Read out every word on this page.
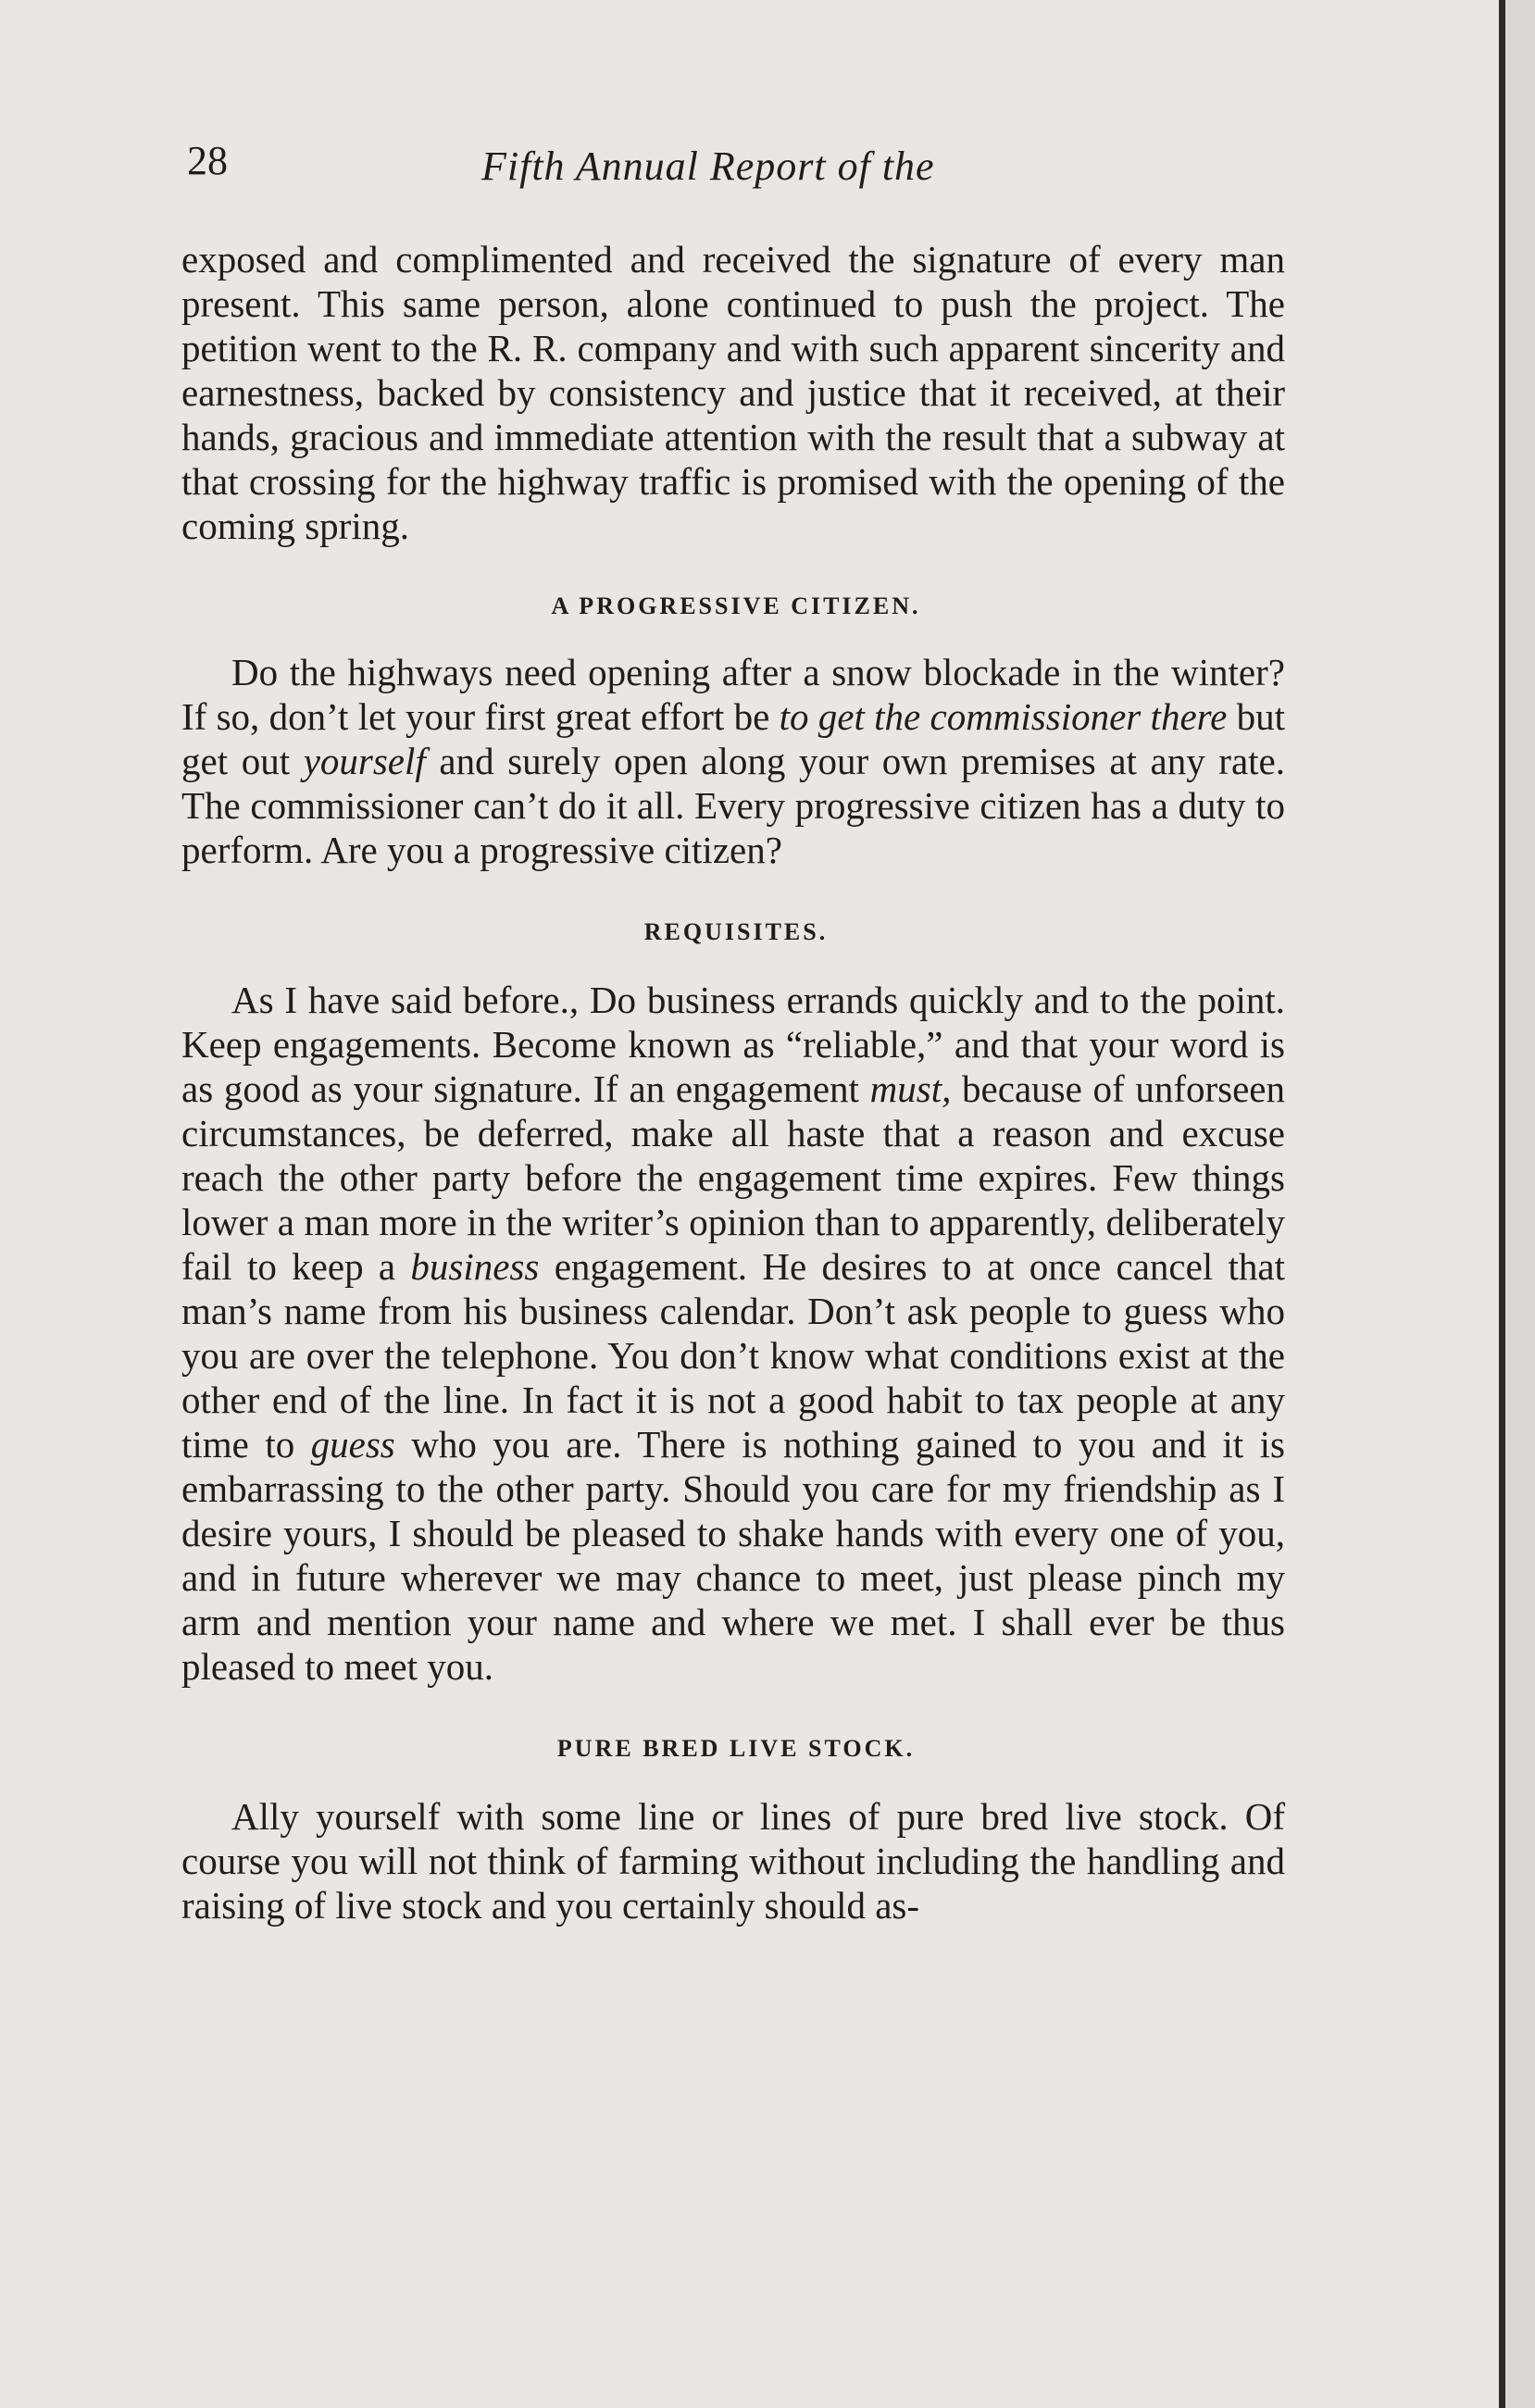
28	Fifth Annual Report of the

exposed and complimented and received the signature of every man present. This same person, alone continued to push the project. The petition went to the R. R. company and with such apparent sincerity and earnestness, backed by consistency and justice that it received, at their hands, gracious and immediate attention with the result that a subway at that crossing for the highway traffic is promised with the opening of the coming spring.

A PROGRESSIVE CITIZEN.

Do the highways need opening after a snow blockade in the winter? If so, don’t let your first great effort be to get the commissioner there but get out yourself and surely open along your own premises at any rate. The commissioner can’t do it all. Every progressive citizen has a duty to perform. Are you a progressive citizen?

REQUISITES.

As I have said before., Do business errands quickly and to the point. Keep engagements. Become known as “reliable,” and that your word is as good as your signature. If an engagement must, because of unforseen circumstances, be deferred, make all haste that a reason and excuse reach the other party before the engagement time expires. Few things lower a man more in the writer’s opinion than to apparently, deliberately fail to keep a business engagement. He desires to at once cancel that man’s name from his business calendar. Don’t ask people to guess who you are over the telephone. You don’t know what conditions exist at the other end of the line. In fact it is not a good habit to tax people at any time to guess who you are. There is nothing gained to you and it is embarrassing to the other party. Should you care for my friendship as I desire yours, I should be pleased to shake hands with every one of you, and in future wherever we may chance to meet, just please pinch my arm and mention your name and where we met. I shall ever be thus pleased to meet you.

PURE BRED LIVE STOCK.

Ally yourself with some line or lines of pure bred live stock. Of course you will not think of farming without including the handling and raising of live stock and you certainly should as-
